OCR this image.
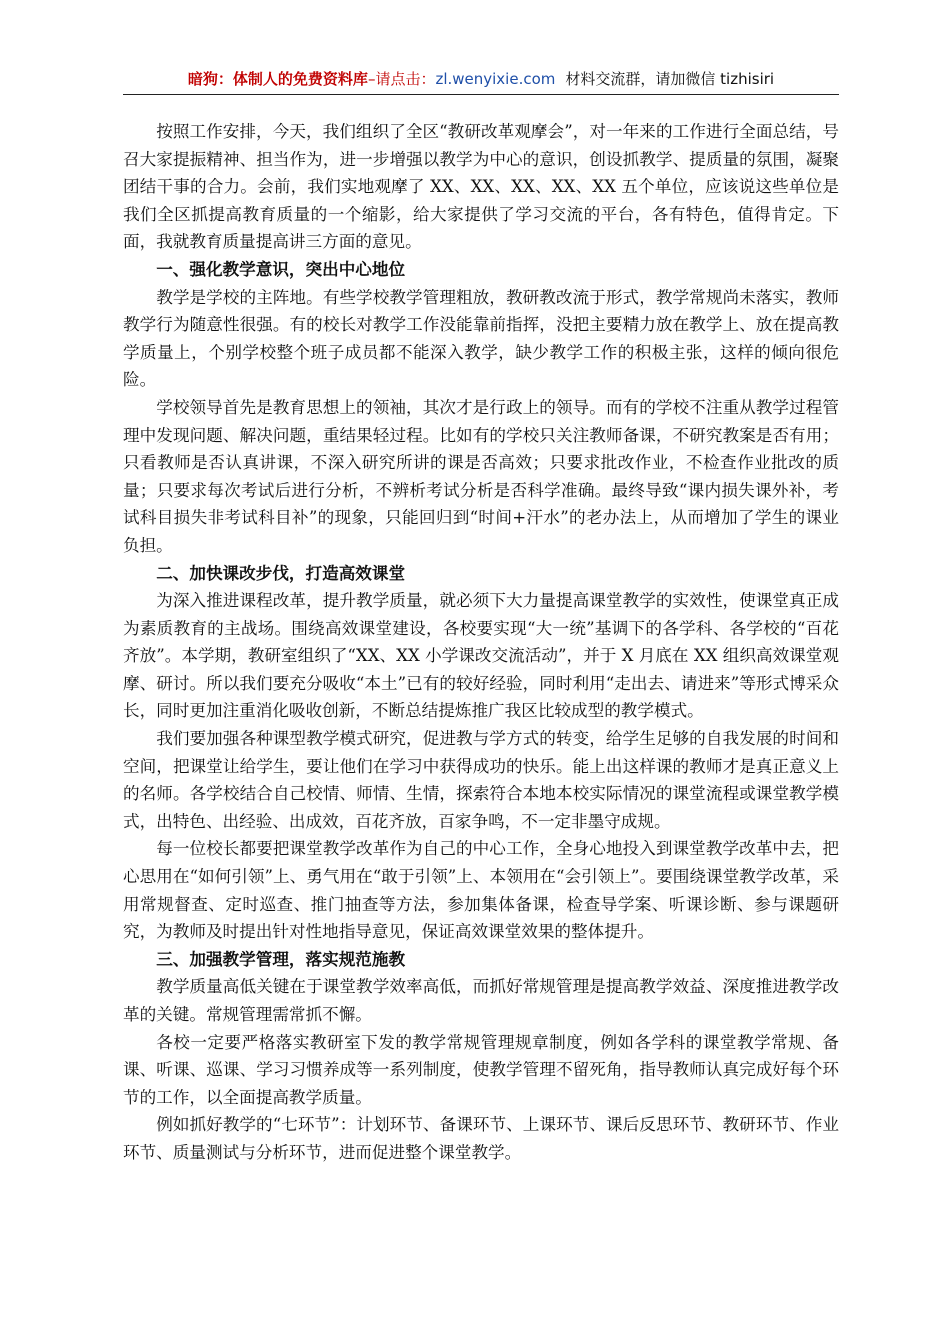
暗狗：体制人的免费资料库–请点击：zl.wenyixie.com 材料交流群，请加微信 tizhisiri

按照工作安排，今天，我们组织了全区“教研改革观摩会”，对一年来的工作进行全面总结，号召大家提振精神、担当作为，进一步增强以教学为中心的意识，创设抓教学、提质量的氛围，凝聚团结干事的合力。会前，我们实地观摩了 XX、XX、XX、XX、XX 五个单位，应该说这些单位是我们全区抓提高教育质量的一个缩影，给大家提供了学习交流的平台，各有特色，值得肯定。下面，我就教育质量提高讲三方面的意见。

一、强化教学意识，突出中心地位

教学是学校的主阵地。有些学校教学管理粗放，教研教改流于形式，教学常规尚未落实，教师教学行为随意性很强。有的校长对教学工作没能靠前指挥，没把主要精力放在教学上、放在提高教学质量上，个别学校整个班子成员都不能深入教学，缺少教学工作的积极主张，这样的倾向很危险。

学校领导首先是教育思想上的领袖，其次才是行政上的领导。而有的学校不注重从教学过程管理中发现问题、解决问题，重结果轻过程。比如有的学校只关注教师备课，不研究教案是否有用；只看教师是否认真讲课，不深入研究所讲的课是否高效；只要求批改作业，不检查作业批改的质量；只要求每次考试后进行分析，不辨析考试分析是否科学准确。最终导致“课内损失课外补，考试科目损失非考试科目补”的现象，只能回归到“时间+汗水”的老办法上，从而增加了学生的课业负担。

二、加快课改步伐，打造高效课堂

为深入推进课程改革，提升教学质量，就必须下大力量提高课堂教学的实效性，使课堂真正成为素质教育的主战场。围绕高效课堂建设，各校要实现“大一统”基调下的各学科、各学校的“百花齐放”。本学期，教研室组织了“XX、XX 小学课改交流活动”，并于 X 月底在 XX 组织高效课堂观摩、研讨。所以我们要充分吸收“本土”已有的较好经验，同时利用“走出去、请进来”等形式博采众长，同时更加注重消化吸收创新，不断总结提炼推广我区比较成型的教学模式。

我们要加强各种课型教学模式研究，促进教与学方式的转变，给学生足够的自我发展的时间和空间，把课堂让给学生，要让他们在学习中获得成功的快乐。能上出这样课的教师才是真正意义上的名师。各学校结合自己校情、师情、生情，探索符合本地本校实际情况的课堂流程或课堂教学模式，出特色、出经验、出成效，百花齐放，百家争鸣，不一定非墨守成规。

每一位校长都要把课堂教学改革作为自己的中心工作，全身心地投入到课堂教学改革中去，把心思用在“如何引领”上、勇气用在“敢于引领”上、本领用在“会引领上”。要围绕课堂教学改革，采用常规督查、定时巡查、推门抽查等方法，参加集体备课，检查导学案、听课诊断、参与课题研究，为教师及时提出针对性地指导意见，保证高效课堂效果的整体提升。

三、加强教学管理，落实规范施教

教学质量高低关键在于课堂教学效率高低，而抓好常规管理是提高教学效益、深度推进教学改革的关键。常规管理需常抓不懈。

各校一定要严格落实教研室下发的教学常规管理规章制度，例如各学科的课堂教学常规、备课、听课、巡课、学习习惯养成等一系列制度，使教学管理不留死角，指导教师认真完成好每个环节的工作，以全面提高教学质量。

例如抓好教学的“七环节”：计划环节、备课环节、上课环节、课后反思环节、教研环节、作业环节、质量测试与分析环节，进而促进整个课堂教学。
